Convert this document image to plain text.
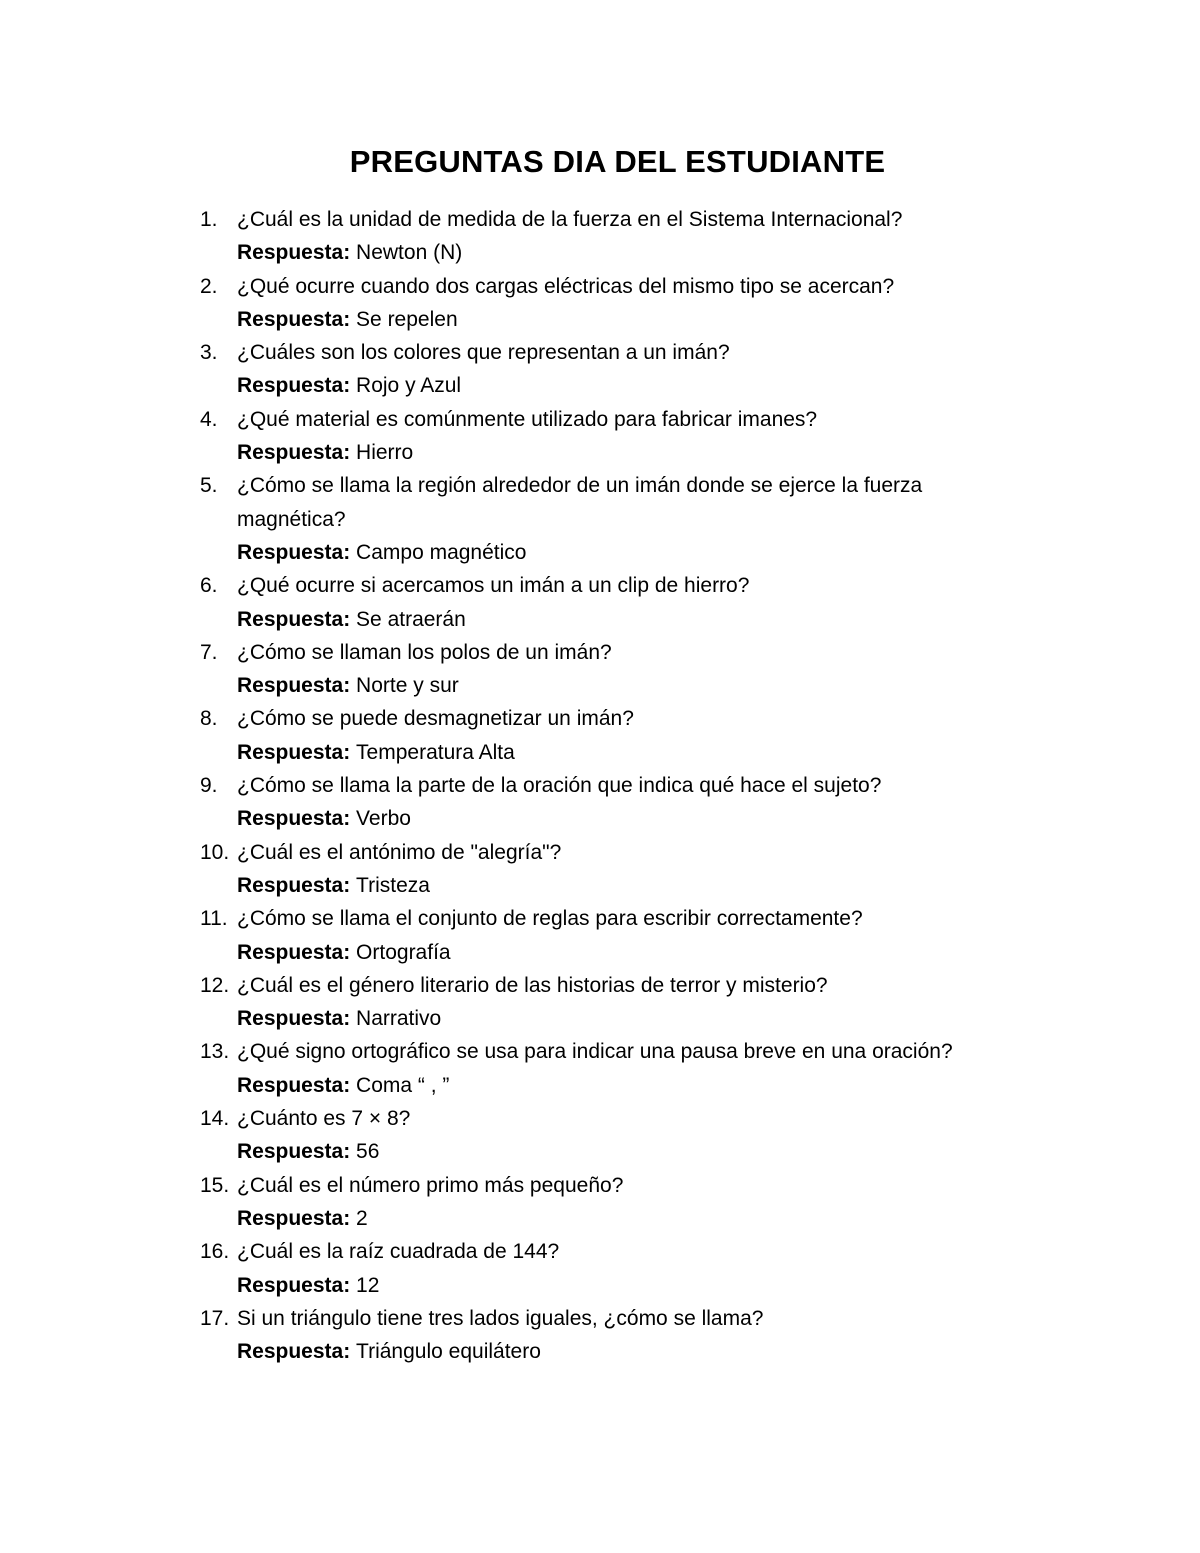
PREGUNTAS DIA DEL ESTUDIANTE
1. ¿Cuál es la unidad de medida de la fuerza en el Sistema Internacional?
Respuesta: Newton (N)
2. ¿Qué ocurre cuando dos cargas eléctricas del mismo tipo se acercan?
Respuesta: Se repelen
3. ¿Cuáles son los colores que representan a un imán?
Respuesta: Rojo y Azul
4. ¿Qué material es comúnmente utilizado para fabricar imanes?
Respuesta: Hierro
5. ¿Cómo se llama la región alrededor de un imán donde se ejerce la fuerza magnética?
Respuesta: Campo magnético
6. ¿Qué ocurre si acercamos un imán a un clip de hierro?
Respuesta: Se atraerán
7. ¿Cómo se llaman los polos de un imán?
Respuesta: Norte y sur
8. ¿Cómo se puede desmagnetizar un imán?
Respuesta: Temperatura Alta
9. ¿Cómo se llama la parte de la oración que indica qué hace el sujeto?
Respuesta: Verbo
10. ¿Cuál es el antónimo de "alegría"?
Respuesta: Tristeza
11. ¿Cómo se llama el conjunto de reglas para escribir correctamente?
Respuesta: Ortografía
12. ¿Cuál es el género literario de las historias de terror y misterio?
Respuesta: Narrativo
13. ¿Qué signo ortográfico se usa para indicar una pausa breve en una oración?
Respuesta: Coma “ , ”
14. ¿Cuánto es 7 × 8?
Respuesta: 56
15. ¿Cuál es el número primo más pequeño?
Respuesta: 2
16. ¿Cuál es la raíz cuadrada de 144?
Respuesta: 12
17. Si un triángulo tiene tres lados iguales, ¿cómo se llama?
Respuesta: Triángulo equilátero
